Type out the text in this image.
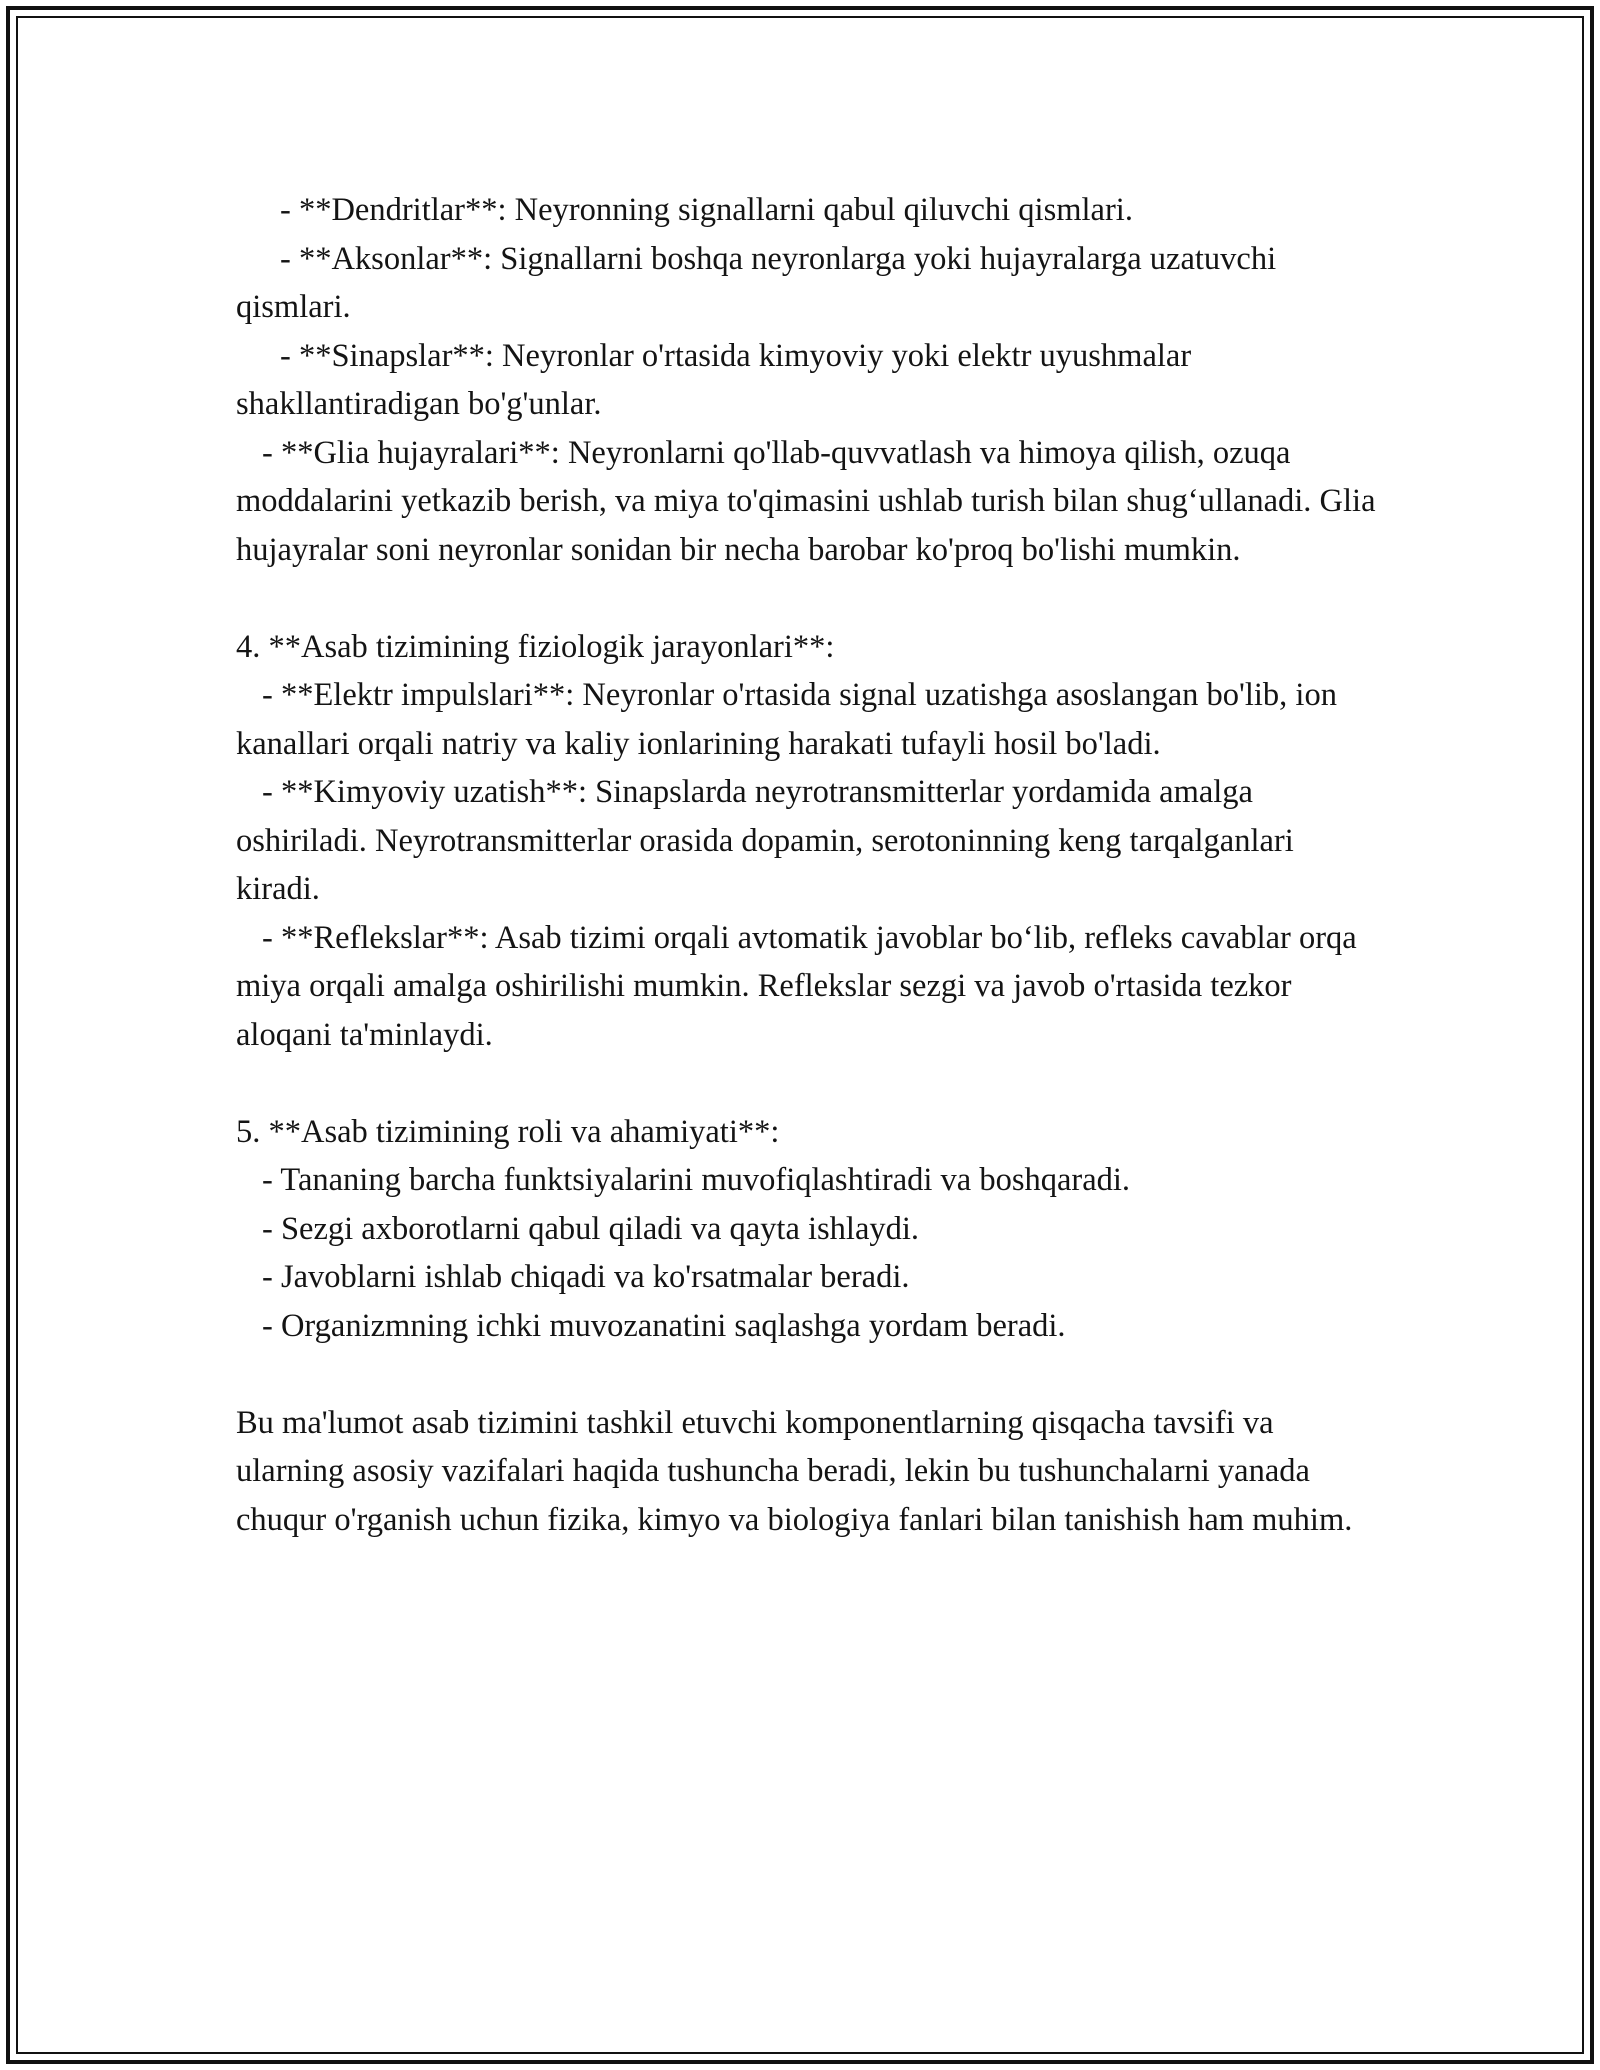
- **Dendritlar**: Neyronning signallarni qabul qiluvchi qismlari.

- **Aksonlar**: Signallarni boshqa neyronlarga yoki hujayralarga uzatuvchi qismlari.

- **Sinapslar**: Neyronlar o'rtasida kimyoviy yoki elektr uyushmalar shakllantiradigan bo'g'unlar.

- **Glia hujayralari**: Neyronlarni qo'llab-quvvatlash va himoya qilish, ozuqa moddalarini yetkazib berish, va miya to'qimasini ushlab turish bilan shug‘ullanadi. Glia hujayralar soni neyronlar sonidan bir necha barobar ko'proq bo'lishi mumkin.

4. **Asab tizimining fiziologik jarayonlari**:

- **Elektr impulslari**: Neyronlar o'rtasida signal uzatishga asoslangan bo'lib, ion kanallari orqali natriy va kaliy ionlarining harakati tufayli hosil bo'ladi.

- **Kimyoviy uzatish**: Sinapslarda neyrotransmitterlar yordamida amalga oshiriladi. Neyrotransmitterlar orasida dopamin, serotoninning keng tarqalganlari kiradi.

- **Reflekslar**: Asab tizimi orqali avtomatik javoblar bo‘lib, refleks cavablar orqa miya orqali amalga oshirilishi mumkin. Reflekslar sezgi va javob o'rtasida tezkor aloqani ta'minlaydi.

5. **Asab tizimining roli va ahamiyati**:

- Tananing barcha funktsiyalarini muvofiqlashtiradi va boshqaradi.

- Sezgi axborotlarni qabul qiladi va qayta ishlaydi.

- Javoblarni ishlab chiqadi va ko'rsatmalar beradi.

- Organizmning ichki muvozanatini saqlashga yordam beradi.

Bu ma'lumot asab tizimini tashkil etuvchi komponentlarning qisqacha tavsifi va ularning asosiy vazifalari haqida tushuncha beradi, lekin bu tushunchalarni yanada chuqur o'rganish uchun fizika, kimyo va biologiya fanlari bilan tanishish ham muhim.
